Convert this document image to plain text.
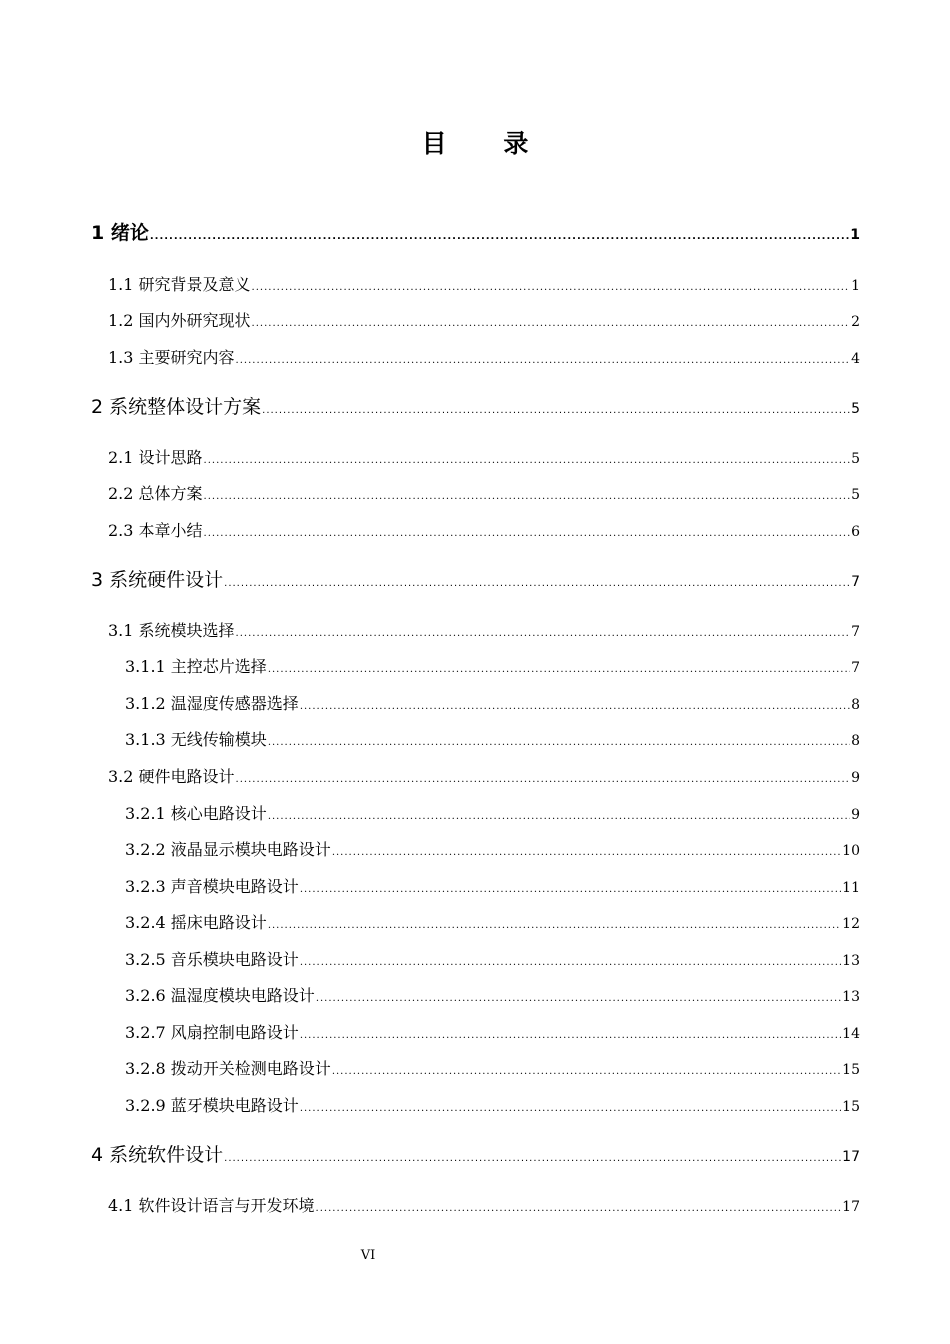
目 录
1 绪论 .....	1
1.1 研究背景及意义 .....	1
1.2 国内外研究现状 .....	2
1.3 主要研究内容 .....	4
2 系统整体设计方案 .....	5
2.1 设计思路 .....	5
2.2 总体方案 .....	5
2.3 本章小结 .....	6
3 系统硬件设计 .....	7
3.1 系统模块选择 .....	7
3.1.1 主控芯片选择 .....	7
3.1.2 温湿度传感器选择 .....	8
3.1.3 无线传输模块 .....	8
3.2 硬件电路设计 .....	9
3.2.1 核心电路设计 .....	9
3.2.2 液晶显示模块电路设计 .....	10
3.2.3 声音模块电路设计 .....	11
3.2.4 摇床电路设计 .....	12
3.2.5 音乐模块电路设计 .....	13
3.2.6 温湿度模块电路设计 .....	13
3.2.7 风扇控制电路设计 .....	14
3.2.8 拨动开关检测电路设计 .....	15
3.2.9 蓝牙模块电路设计 .....	15
4 系统软件设计 .....	17
4.1 软件设计语言与开发环境 .....	17
VI
